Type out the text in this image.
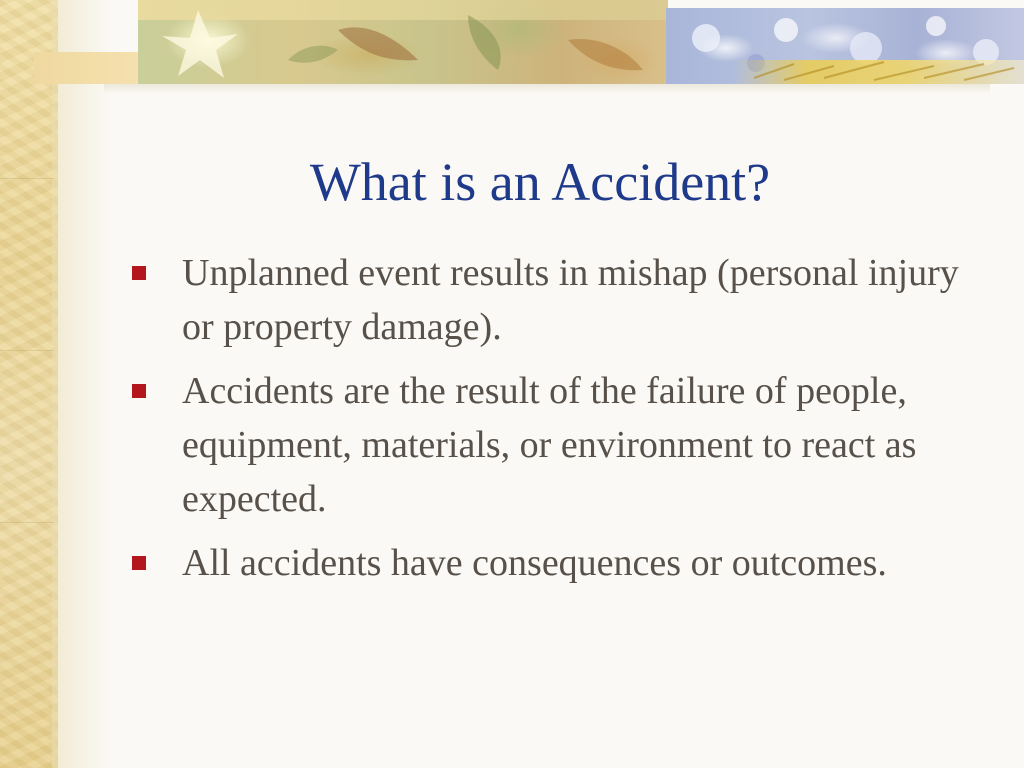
What is an Accident?
Unplanned event results in mishap (personal injury or property damage).
Accidents are the result of the failure of people, equipment, materials, or environment to react as expected.
All accidents have consequences or outcomes.
